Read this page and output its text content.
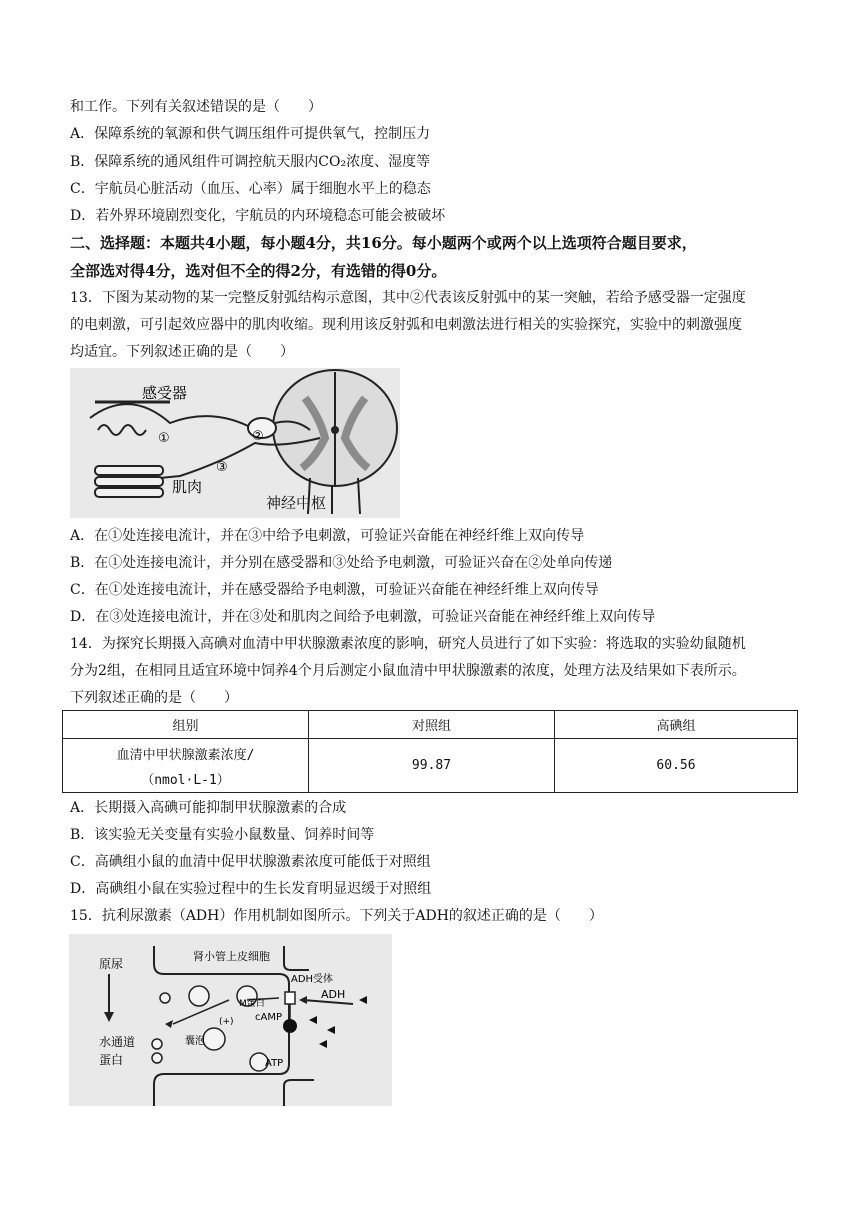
和工作。下列有关叙述错误的是（　　）
A．保障系统的氧源和供气调压组件可提供氧气，控制压力
B．保障系统的通风组件可调控航天服内CO₂浓度、湿度等
C．宇航员心脏活动（血压、心率）属于细胞水平上的稳态
D．若外界环境剧烈变化，宇航员的内环境稳态可能会被破坏
二、选择题：本题共4小题，每小题4分，共16分。每小题两个或两个以上选项符合题目要求，
全部选对得4分，选对但不全的得2分，有选错的得0分。
13．下图为某动物的某一完整反射弧结构示意图，其中②代表该反射弧中的某一突触，若给予感受器一定强度
的电刺激，可引起效应器中的肌肉收缩。现利用该反射弧和电刺激法进行相关的实验探究，实验中的刺激强度
均适宜。下列叙述正确的是（　　）
感受器
①	②
③
肌肉
神经中枢
A．在①处连接电流计，并在③中给予电刺激，可验证兴奋能在神经纤维上双向传导
B．在①处连接电流计，并分别在感受器和③处给予电刺激，可验证兴奋在②处单向传递
C．在①处连接电流计，并在感受器给予电刺激，可验证兴奋能在神经纤维上双向传导
D．在③处连接电流计，并在③处和肌肉之间给予电刺激，可验证兴奋能在神经纤维上双向传导
14．为探究长期摄入高碘对血清中甲状腺激素浓度的影响，研究人员进行了如下实验：将选取的实验幼鼠随机
分为2组，在相同且适宜环境中饲养4个月后测定小鼠血清中甲状腺激素的浓度，处理方法及结果如下表所示。
下列叙述正确的是（　　）
组别	对照组	高碘组

血清中甲状腺激素浓度/
（nmol·L-1）	99.87	60.56
A．长期摄入高碘可能抑制甲状腺激素的合成
B．该实验无关变量有实验小鼠数量、饲养时间等
C．高碘组小鼠的血清中促甲状腺激素浓度可能低于对照组
D．高碘组小鼠在实验过程中的生长发育明显迟缓于对照组
15．抗利尿激素（ADH）作用机制如图所示。下列关于ADH的叙述正确的是（　　）
原尿
肾小管上皮细胞
ADH受体
ADH
M蛋白
(+) cAMP
ATP
囊泡
水通道
蛋白
